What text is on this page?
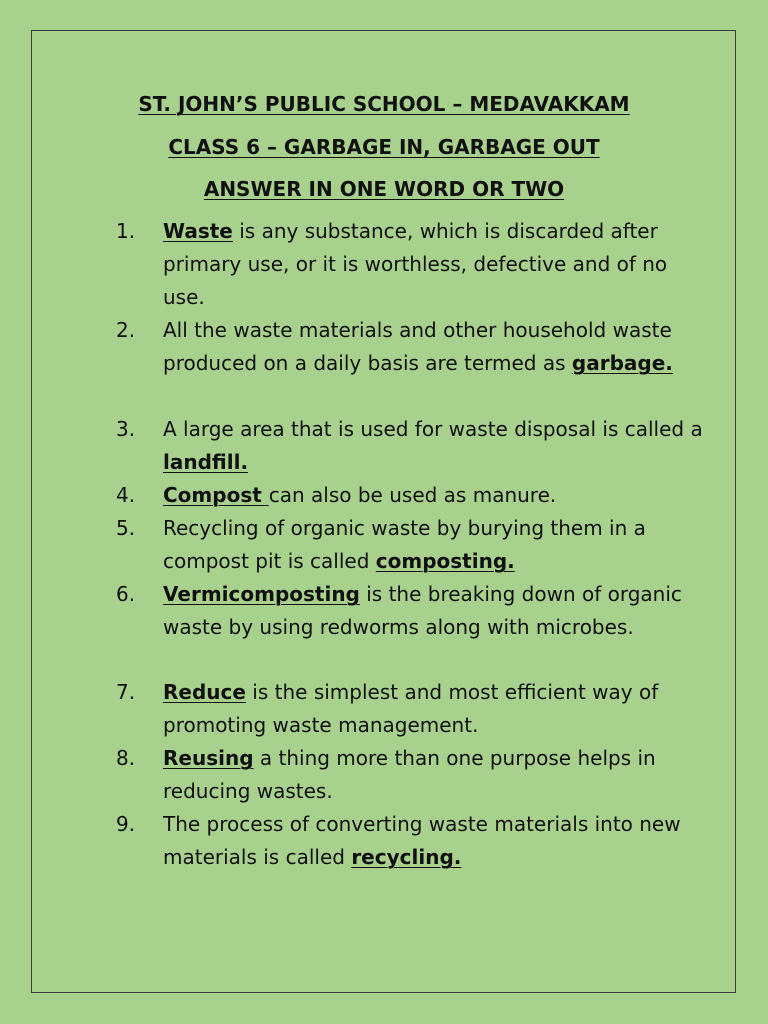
ST. JOHN’S PUBLIC SCHOOL – MEDAVAKKAM
CLASS 6 – GARBAGE IN, GARBAGE OUT
ANSWER IN ONE WORD OR TWO
1. Waste is any substance, which is discarded after primary use, or it is worthless, defective and of no use.
2. All the waste materials and other household waste produced on a daily basis are termed as garbage.
3. A large area that is used for waste disposal is called a landfill.
4. Compost can also be used as manure.
5. Recycling of organic waste by burying them in a compost pit is called composting.
6. Vermicomposting is the breaking down of organic waste by using redworms along with microbes.
7. Reduce is the simplest and most efficient way of promoting waste management.
8. Reusing a thing more than one purpose helps in reducing wastes.
9. The process of converting waste materials into new materials is called recycling.
